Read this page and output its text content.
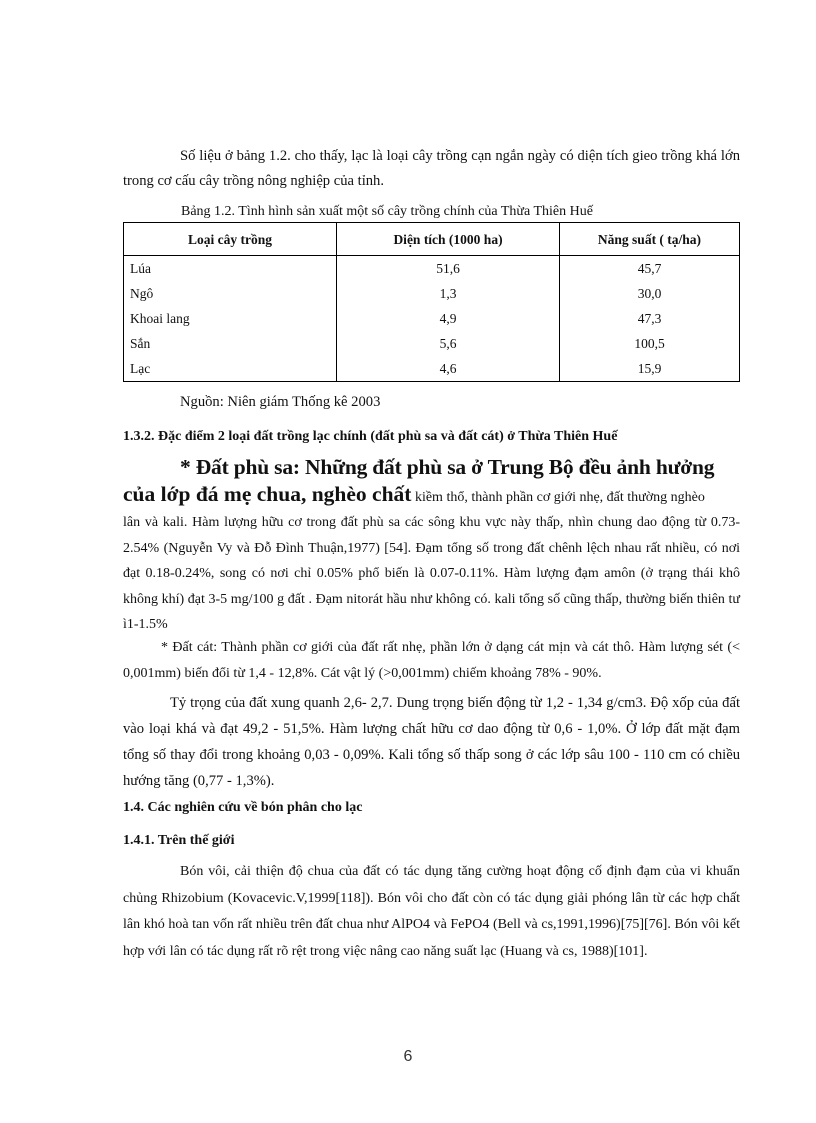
Số liệu ở bảng 1.2. cho thấy, lạc là loại cây trồng cạn ngắn ngày có diện tích gieo trồng khá lớn trong cơ cấu cây trồng nông nghiệp của tỉnh.

Bảng 1.2. Tình hình sản xuất một số cây trồng chính của Thừa Thiên Huế

Loại cây trồng	Diện tích (1000 ha)	Năng suất ( tạ/ha)
Lúa	51,6	45,7
Ngô	1,3	30,0
Khoai lang	4,9	47,3
Sắn	5,6	100,5
Lạc	4,6	15,9

Nguồn: Niên giám Thống kê 2003

1.3.2. Đặc điểm 2 loại đất trồng lạc chính (đất phù sa và đất cát) ở Thừa Thiên Huế

* Đất phù sa: Những đất phù sa ở Trung Bộ đều ảnh hưởng
của lớp đá mẹ chua, nghèo chất kiềm thổ, thành phần cơ giới nhẹ, đất thường nghèo
lân và kali. Hàm lượng hữu cơ trong đất phù sa các sông khu vực này thấp, nhìn chung dao động từ 0.73-2.54% (Nguyễn Vy và Đỗ Đình Thuận,1977) [54]. Đạm tổng số trong đất chênh lệch nhau rất nhiều, có nơi đạt 0.18-0.24%, song có nơi chỉ 0.05% phổ biến là 0.07-0.11%. Hàm lượng đạm amôn (ở trạng thái khô không khí) đạt 3-5 mg/100 g đất . Đạm nitorát hầu như không có. kali tổng số cũng thấp, thường biến thiên tư ì1-1.5%

* Đất cát: Thành phần cơ giới của đất rất nhẹ, phần lớn ở dạng cát mịn và cát thô. Hàm lượng sét (< 0,001mm) biến đổi từ 1,4 - 12,8%. Cát vật lý (>0,001mm) chiếm khoảng 78% - 90%.

Tỷ trọng của đất xung quanh 2,6- 2,7. Dung trọng biến động từ 1,2 - 1,34 g/cm3. Độ xốp của đất vào loại khá và đạt 49,2 - 51,5%. Hàm lượng chất hữu cơ dao động từ 0,6 - 1,0%. Ở lớp đất mặt đạm tổng số thay đổi trong khoảng 0,03 - 0,09%. Kali tổng số thấp song ở các lớp sâu 100 - 110 cm có chiều hướng tăng (0,77 - 1,3%).

1.4. Các nghiên cứu về bón phân cho lạc

1.4.1. Trên thế giới

Bón vôi, cải thiện độ chua của đất có tác dụng tăng cường hoạt động cố định đạm của vi khuẩn chủng Rhizobium (Kovacevic.V,1999[118]). Bón vôi cho đất còn có tác dụng giải phóng lân từ các hợp chất lân khó hoà tan vốn rất nhiều trên đất chua như AlPO4 và FePO4 (Bell và cs,1991,1996)[75][76]. Bón vôi kết hợp với lân có tác dụng rất rõ rệt trong việc nâng cao năng suất lạc (Huang và cs, 1988)[101].

6
